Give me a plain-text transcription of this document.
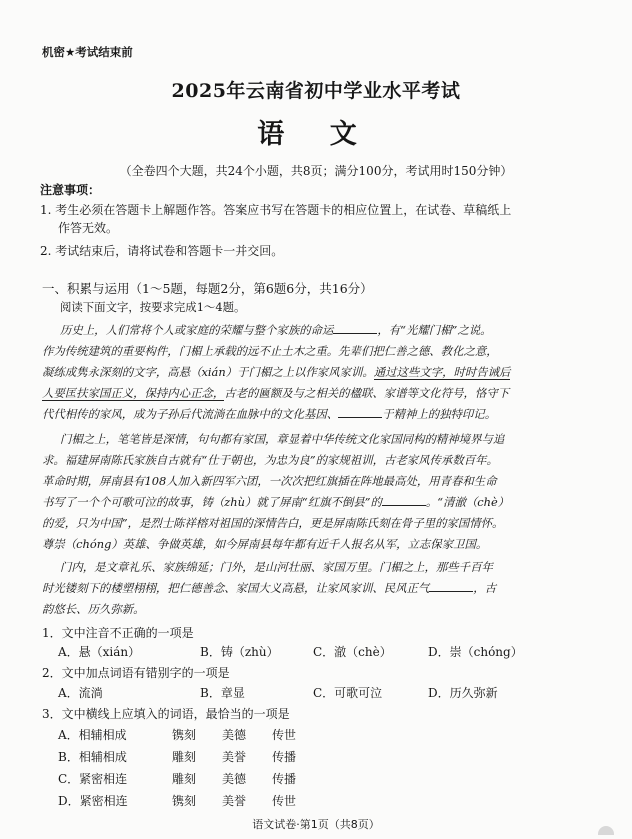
机密★考试结束前
2025年云南省初中学业水平考试
语 文
（全卷四个大题，共24个小题，共8页；满分100分，考试用时150分钟）
注意事项：
1. 考生必须在答题卡上解题作答。答案应书写在答题卡的相应位置上，在试卷、草稿纸上
作答无效。
2. 考试结束后，请将试卷和答题卡一并交回。
一、积累与运用（1～5题，每题2分，第6题6分，共16分）
阅读下面文字，按要求完成1～4题。
历史上，人们常将个人或家庭的荣耀与整个家族的命运	，有“光耀门楣”之说。
作为传统建筑的重要构件，门楣上承载的远不止土木之重。先辈们把仁善之德、教化之意，
凝练成隽永深刻的文字，高悬（xián）于门楣之上以作家风家训。通过这些文字，时时告诫后
人要匡扶家国正义，保持内心正念，古老的匾额及与之相关的楹联、家谱等文化符号，恪守下
代代相传的家风，成为子孙后代流淌在血脉中的文化基因、	于精神上的独特印记。
门楣之上，笔笔皆是深情，句句都有家国，章显着中华传统文化家国同构的精神境界与追
求。福建屏南陈氏家族自古就有“仕于朝也，为忠为良”的家规祖训，古老家风传承数百年。
革命时期，屏南县有108人加入新四军六团，一次次把红旗插在阵地最高处，用青春和生命
书写了一个个可歌可泣的故事，铸（zhù）就了屏南“红旗不倒县”的	。“清澈（chè）
的爱，只为中国”，是烈士陈祥榕对祖国的深情告白，更是屏南陈氏刻在骨子里的家国情怀。
尊崇（chóng）英雄、争做英雄，如今屏南县每年都有近千人报名从军，立志保家卫国。
门内，是文章礼乐、家族绵延；门外，是山河壮丽、家国万里。门楣之上，那些千百年
时光镂刻下的楼塑栩栩，把仁德善念、家国大义高悬，让家风家训、民风正气	，古
韵悠长、历久弥新。
1．文中注音不正确的一项是
A．悬（xián）	B．铸（zhù）	C．澈（chè）	D．崇（chóng）
2．文中加点词语有错别字的一项是
A．流淌	B．章显	C．可歌可泣	D．历久弥新
3．文中横线上应填入的词语，最恰当的一项是
A．相辅相成	镌刻 美德 传世
B．相辅相成	雕刻 美誉 传播
C．紧密相连	雕刻 美德 传播
D．紧密相连	镌刻 美誉 传世
语文试卷·第1页（共8页）
